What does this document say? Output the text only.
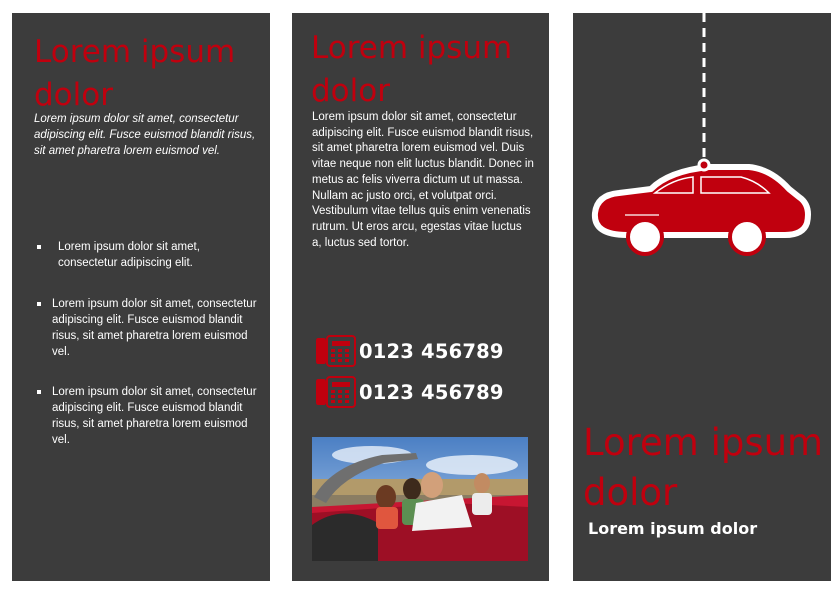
Lorem ipsum dolor
Lorem ipsum dolor sit amet, consectetur adipiscing elit. Fusce euismod blandit risus, sit amet pharetra lorem euismod vel.
Lorem ipsum dolor sit amet, consectetur adipiscing elit.
Lorem ipsum dolor sit amet, consectetur adipiscing elit. Fusce euismod blandit risus, sit amet pharetra lorem euismod vel.
Lorem ipsum dolor sit amet, consectetur adipiscing elit. Fusce euismod blandit risus, sit amet pharetra lorem euismod vel.
Lorem ipsum dolor
Lorem ipsum dolor sit amet, consectetur adipiscing elit. Fusce euismod blandit risus, sit amet pharetra lorem euismod vel. Duis vitae neque non elit luctus blandit. Donec in metus ac felis viverra dictum ut ut massa. Nullam ac justo orci, et volutpat orci. Vestibulum vitae tellus quis enim venenatis rutrum. Ut eros arcu, egestas vitae luctus a, luctus sed tortor.
0123 456789
0123 456789
Lorem ipsum dolor
Lorem ipsum dolor
